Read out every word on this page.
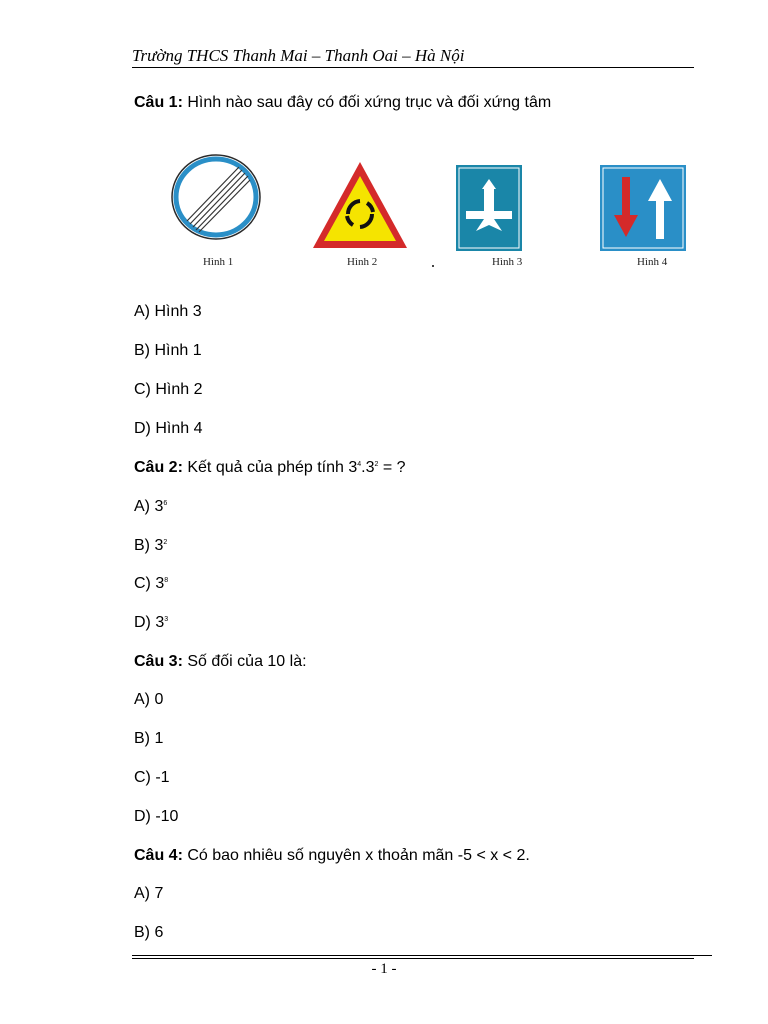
Trường THCS Thanh Mai – Thanh Oai – Hà Nội
Câu 1: Hình nào sau đây có đối xứng trục và đối xứng tâm
Hình 1	Hình 2	Hình 3	Hình 4
A) Hình 3
B) Hình 1
C) Hình 2
D) Hình 4
Câu 2: Kết quả của phép tính $3^4.3^2$ = ?
A) $3^6$
B) $3^2$
C) $3^8$
D) $3^3$
Câu 3: Số đối của 10 là:
A) 0
B) 1
C) -1
D) -10
Câu 4: Có bao nhiêu số nguyên x thoản mãn -5 < x < 2.
A) 7
B) 6
- 1 -
